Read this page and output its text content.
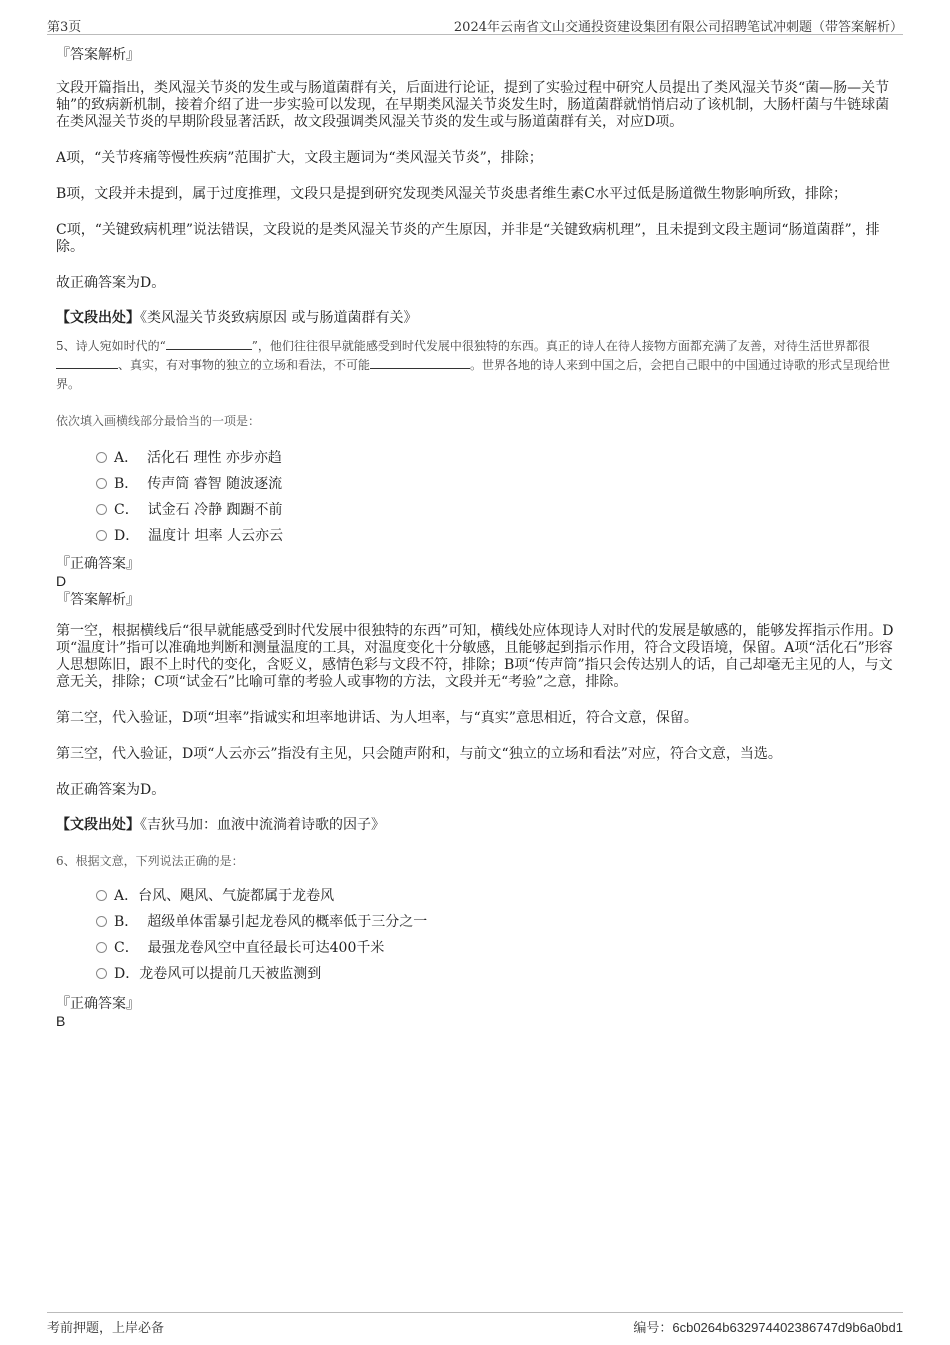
第3页	2024年云南省文山交通投资建设集团有限公司招聘笔试冲刺题（带答案解析）

『答案解析』

文段开篇指出，类风湿关节炎的发生或与肠道菌群有关，后面进行论证，提到了实验过程中研究人员提出了类风湿关节炎“菌—肠—关节轴”的致病新机制，接着介绍了进一步实验可以发现，在早期类风湿关节炎发生时，肠道菌群就悄悄启动了该机制，大肠杆菌与牛链球菌在类风湿关节炎的早期阶段显著活跃，故文段强调类风湿关节炎的发生或与肠道菌群有关，对应D项。

A项，“关节疼痛等慢性疾病”范围扩大，文段主题词为“类风湿关节炎”，排除；

B项，文段并未提到，属于过度推理，文段只是提到研究发现类风湿关节炎患者维生素C水平过低是肠道微生物影响所致，排除；

C项，“关键致病机理”说法错误，文段说的是类风湿关节炎的产生原因，并非是“关键致病机理”，且未提到文段主题词“肠道菌群”，排除。

故正确答案为D。

【文段出处】《类风湿关节炎致病原因 或与肠道菌群有关》

5、诗人宛如时代的“	”，他们往往很早就能感受到时代发展中很独特的东西。真正的诗人在待人接物方面都充满了友善，对待生活世界都很、真实，有对事物的独立的立场和看法，不可能	。世界各地的诗人来到中国之后，会把自己眼中的中国通过诗歌的形式呈现给世界。

依次填入画横线部分最恰当的一项是：

A． 活化石 理性 亦步亦趋
B． 传声筒 睿智 随波逐流
C． 试金石 冷静 踟蹰不前
D． 温度计 坦率 人云亦云

『正确答案』

D

『答案解析』

第一空，根据横线后“很早就能感受到时代发展中很独特的东西”可知，横线处应体现诗人对时代的发展是敏感的，能够发挥指示作用。D项“温度计”指可以准确地判断和测量温度的工具，对温度变化十分敏感，且能够起到指示作用，符合文段语境，保留。A项“活化石”形容人思想陈旧，跟不上时代的变化，含贬义，感情色彩与文段不符，排除；B项“传声筒”指只会传达别人的话，自己却毫无主见的人，与文意无关，排除；C项“试金石”比喻可靠的考验人或事物的方法，文段并无“考验”之意，排除。

第二空，代入验证，D项“坦率”指诚实和坦率地讲话、为人坦率，与“真实”意思相近，符合文意，保留。

第三空，代入验证，D项“人云亦云”指没有主见，只会随声附和，与前文“独立的立场和看法”对应，符合文意，当选。

故正确答案为D。

【文段出处】《吉狄马加：血液中流淌着诗歌的因子》

6、根据文意，下列说法正确的是：

A．台风、飓风、气旋都属于龙卷风
B． 超级单体雷暴引起龙卷风的概率低于三分之一
C． 最强龙卷风空中直径最长可达400千米
D．龙卷风可以提前几天被监测到

『正确答案』

B

考前押题，上岸必备	编号：6cb0264b632974402386747d9b6a0bd1
